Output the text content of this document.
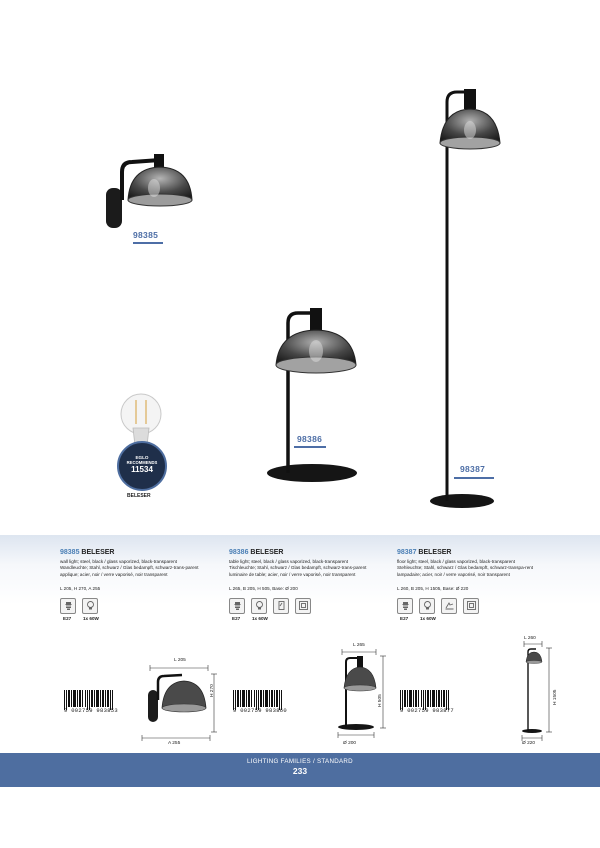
98385
98386
98387
EGLO
RECOMMENDS
11534
BELESER
98385 BELESER

wall light; steel, black / glass vaporized, black-transparent

Wandleuchte; Stahl, schwarz / Glas bedampft, schwarz-trans-parent

applique; acier, noir / verre vaporisé, noir transparent

L 205, H 270, A 255

E27	1x 60W
98386 BELESER

table light; steel, black / glass vaporized, black-transparent

Tischleuchte; Stahl, schwarz / Glas bedampft, schwarz-trans-parent

luminaire de table; acier, noir / verre vaporisé, noir transparent

L 265, B 205, H 505, Base: Ø 200

E27	1x 60W
98387 BELESER

floor light; steel, black / glass vaporized, black-transparent

Stehleuchte; Stahl, schwarz / Glas bedampft, schwarz-transpa-rent

lampadaire; acier, noir / verre vaporisé, noir transparent

L 260, B 205, H 1505, Base: Ø 220

E27	1x 60W
9 002759 983853	9 002759 983860	9 002759 983877
L 205
H 270
A 255
L 265
H 505
Ø 200
L 260
H 1505
Ø 220
LIGHTING FAMILIES / STANDARD
233
